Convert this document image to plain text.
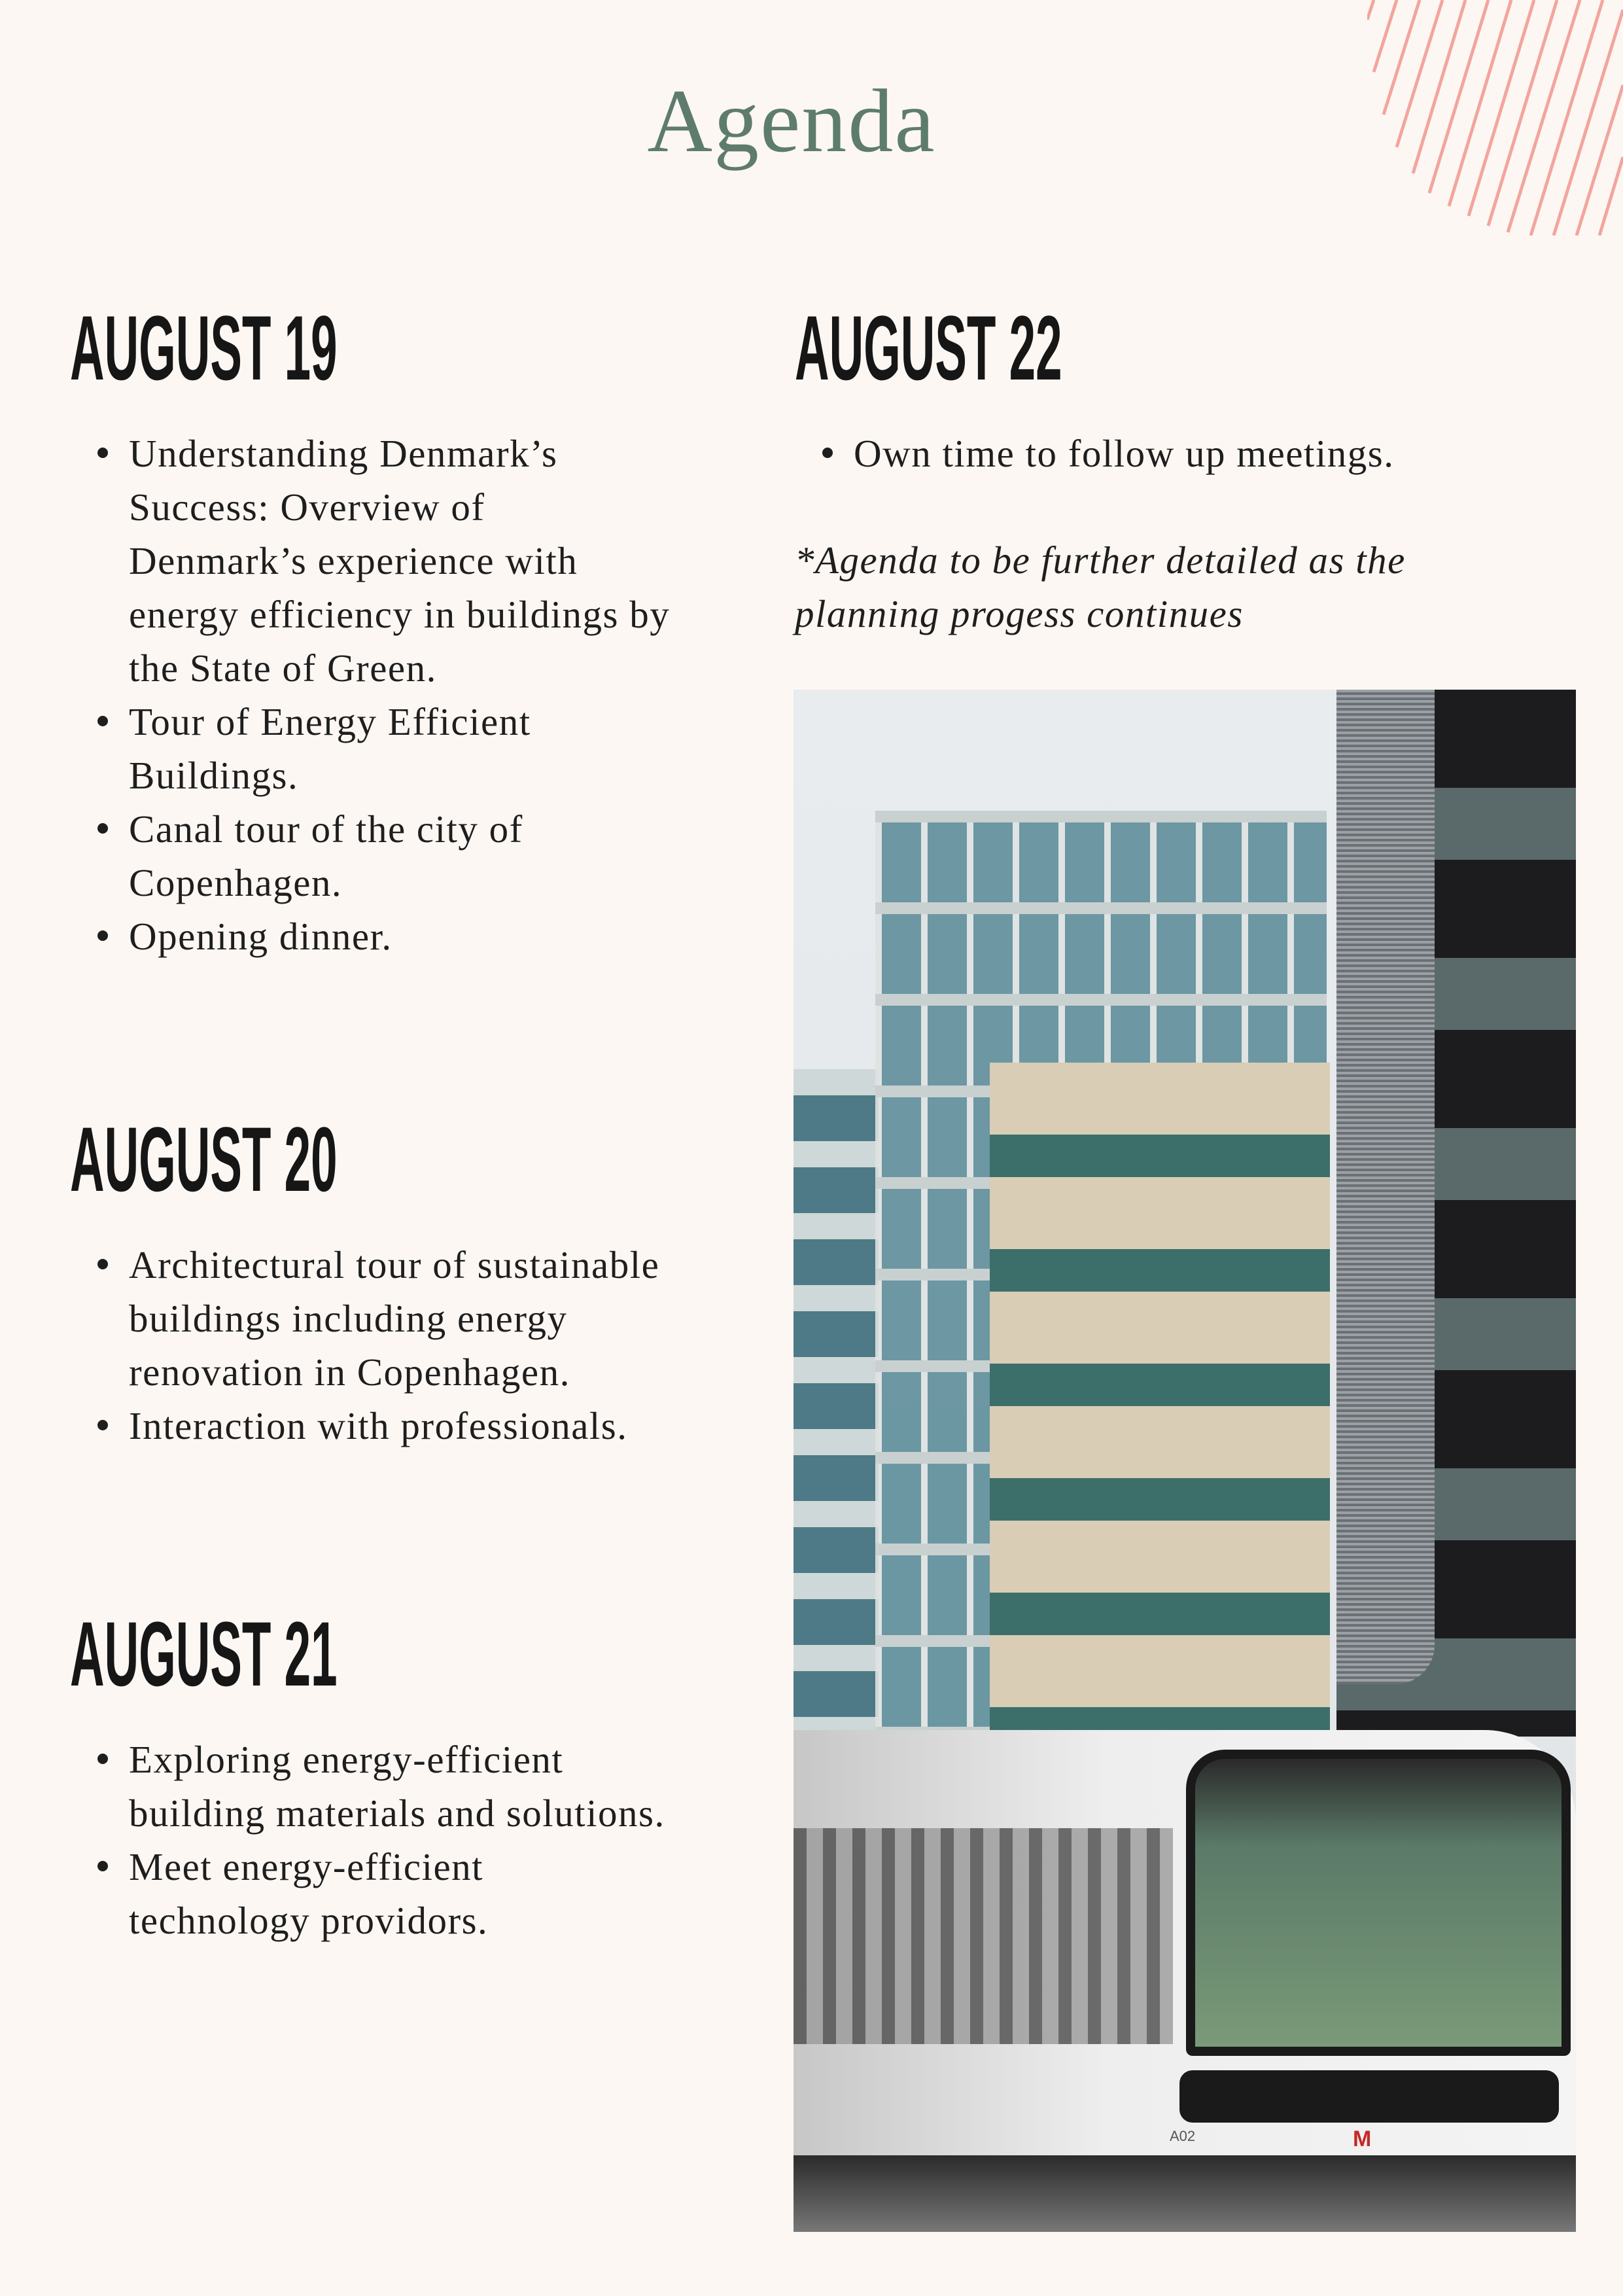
Agenda
AUGUST 19
Understanding Denmark’s Success: Overview of Denmark’s experience with energy efficiency in buildings by the State of Green.
Tour of Energy Efficient Buildings.
Canal tour of the city of Copenhagen.
Opening dinner.
AUGUST 20
Architectural tour of sustainable buildings including energy renovation in Copenhagen.
Interaction with professionals.
AUGUST 21
Exploring energy-efficient building materials and solutions.
Meet energy-efficient technology providors.
AUGUST 22
Own time to follow up meetings.
*Agenda to be further detailed as the planning progess continues
A02	M
